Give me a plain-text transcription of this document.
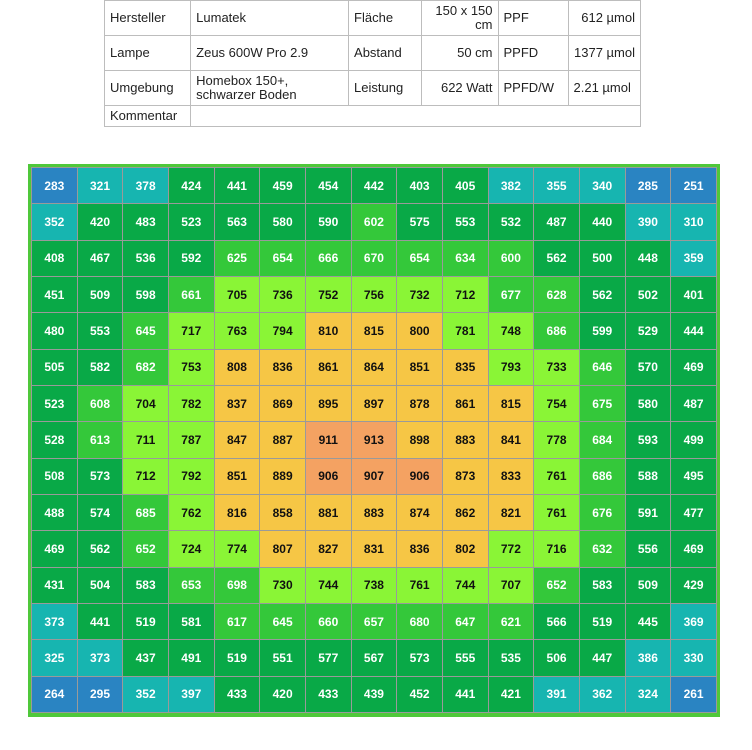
Hersteller	Lumatek	Fläche	150 x 150 cm	PPF	612 µmol
Lampe	Zeus 600W Pro 2.9	Abstand	50 cm	PPFD	1377 µmol
Umgebung	Homebox 150+, schwarzer Boden	Leistung	622 Watt	PPFD/W	2.21 µmol
Kommentar					
283	321	378	424	441	459	454	442	403	405	382	355	340	285	251
352	420	483	523	563	580	590	602	575	553	532	487	440	390	310
408	467	536	592	625	654	666	670	654	634	600	562	500	448	359
451	509	598	661	705	736	752	756	732	712	677	628	562	502	401
480	553	645	717	763	794	810	815	800	781	748	686	599	529	444
505	582	682	753	808	836	861	864	851	835	793	733	646	570	469
523	608	704	782	837	869	895	897	878	861	815	754	675	580	487
528	613	711	787	847	887	911	913	898	883	841	778	684	593	499
508	573	712	792	851	889	906	907	906	873	833	761	686	588	495
488	574	685	762	816	858	881	883	874	862	821	761	676	591	477
469	562	652	724	774	807	827	831	836	802	772	716	632	556	469
431	504	583	653	698	730	744	738	761	744	707	652	583	509	429
373	441	519	581	617	645	660	657	680	647	621	566	519	445	369
325	373	437	491	519	551	577	567	573	555	535	506	447	386	330
264	295	352	397	433	420	433	439	452	441	421	391	362	324	261
